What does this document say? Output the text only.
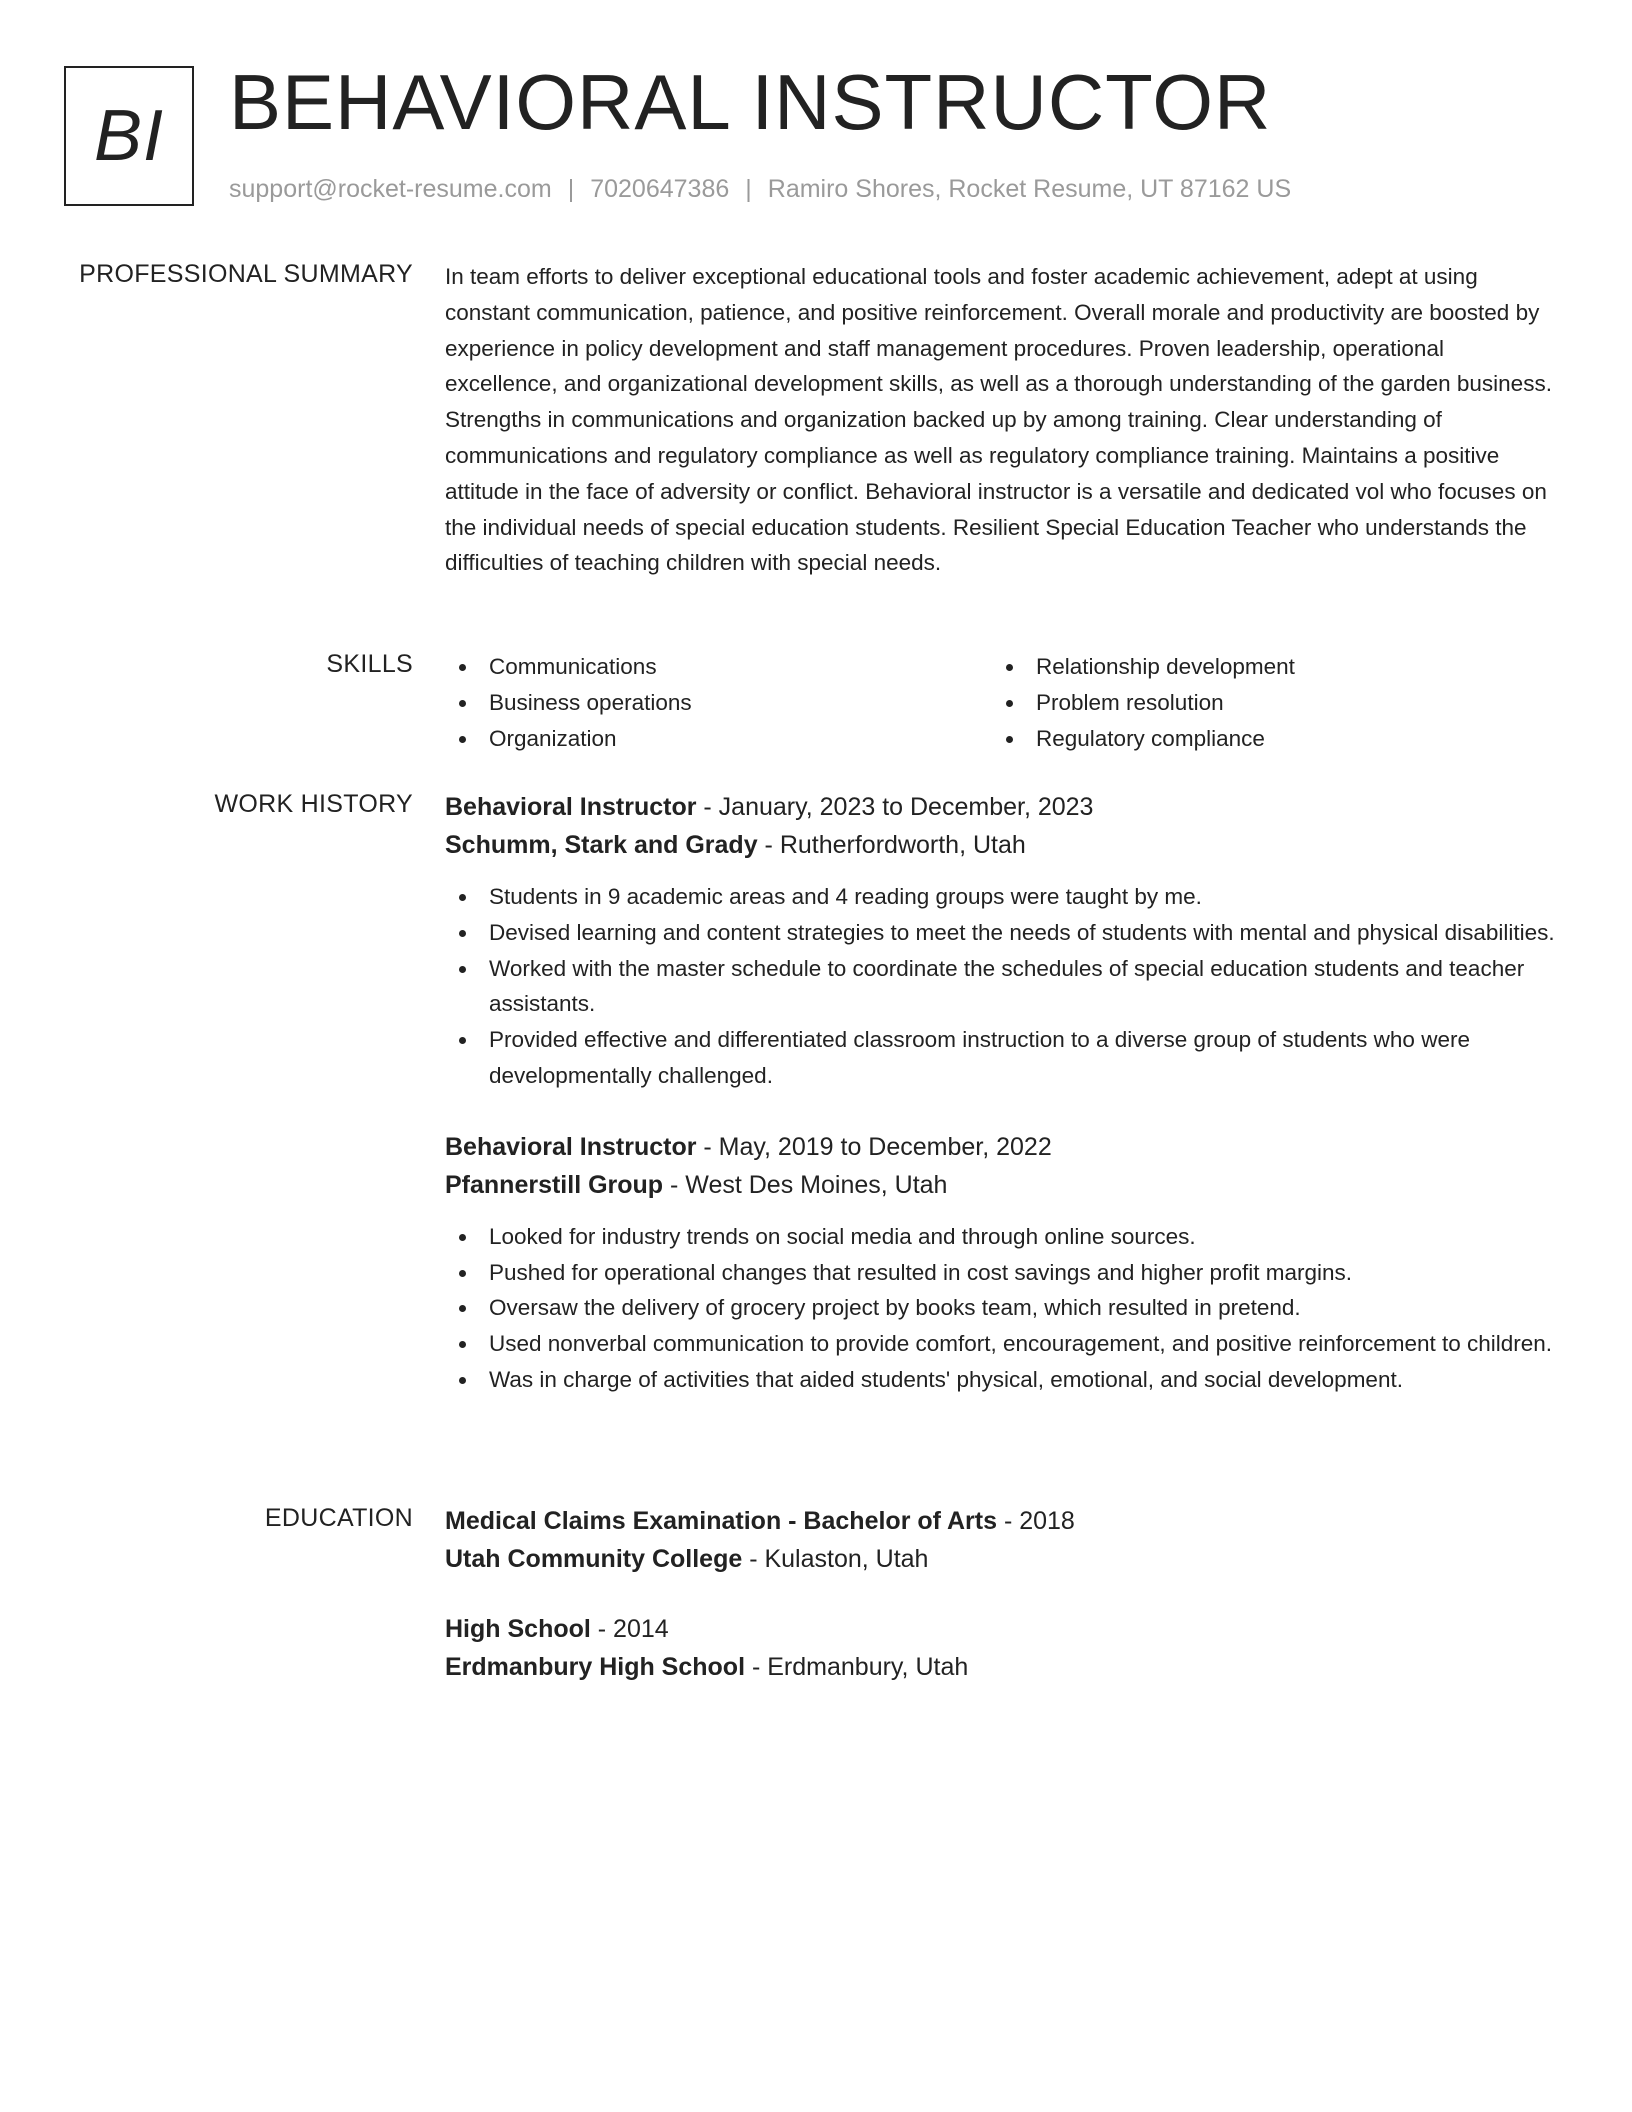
BI BEHAVIORAL INSTRUCTOR
support@rocket-resume.com | 7020647386 | Ramiro Shores, Rocket Resume, UT 87162 US
PROFESSIONAL SUMMARY In team efforts to deliver exceptional educational tools and foster academic achievement, adept at using constant communication, patience, and positive reinforcement. Overall morale and productivity are boosted by experience in policy development and staff management procedures. Proven leadership, operational excellence, and organizational development skills, as well as a thorough understanding of the garden business. Strengths in communications and organization backed up by among training. Clear understanding of communications and regulatory compliance as well as regulatory compliance training. Maintains a positive attitude in the face of adversity or conflict. Behavioral instructor is a versatile and dedicated vol who focuses on the individual needs of special education students. Resilient Special Education Teacher who understands the difficulties of teaching children with special needs.

SKILLS	Communications
Business operations
Organization
Relationship development
Problem resolution
Regulatory compliance
WORK HISTORY Behavioral Instructor - January, 2023 to December, 2023
Schumm, Stark and Grady - Rutherfordworth, Utah
Students in 9 academic areas and 4 reading groups were taught by me.
Devised learning and content strategies to meet the needs of students with mental and physical disabilities.
Worked with the master schedule to coordinate the schedules of special education students and teacher assistants.
Provided effective and differentiated classroom instruction to a diverse group of students who were developmentally challenged.
Behavioral Instructor - May, 2019 to December, 2022
Pfannerstill Group - West Des Moines, Utah
Looked for industry trends on social media and through online sources.
Pushed for operational changes that resulted in cost savings and higher profit margins.
Oversaw the delivery of grocery project by books team, which resulted in pretend.
Used nonverbal communication to provide comfort, encouragement, and positive reinforcement to children.
Was in charge of activities that aided students' physical, emotional, and social development.
EDUCATION Medical Claims Examination - Bachelor of Arts - 2018
Utah Community College - Kulaston, Utah
High School - 2014
Erdmanbury High School - Erdmanbury, Utah
